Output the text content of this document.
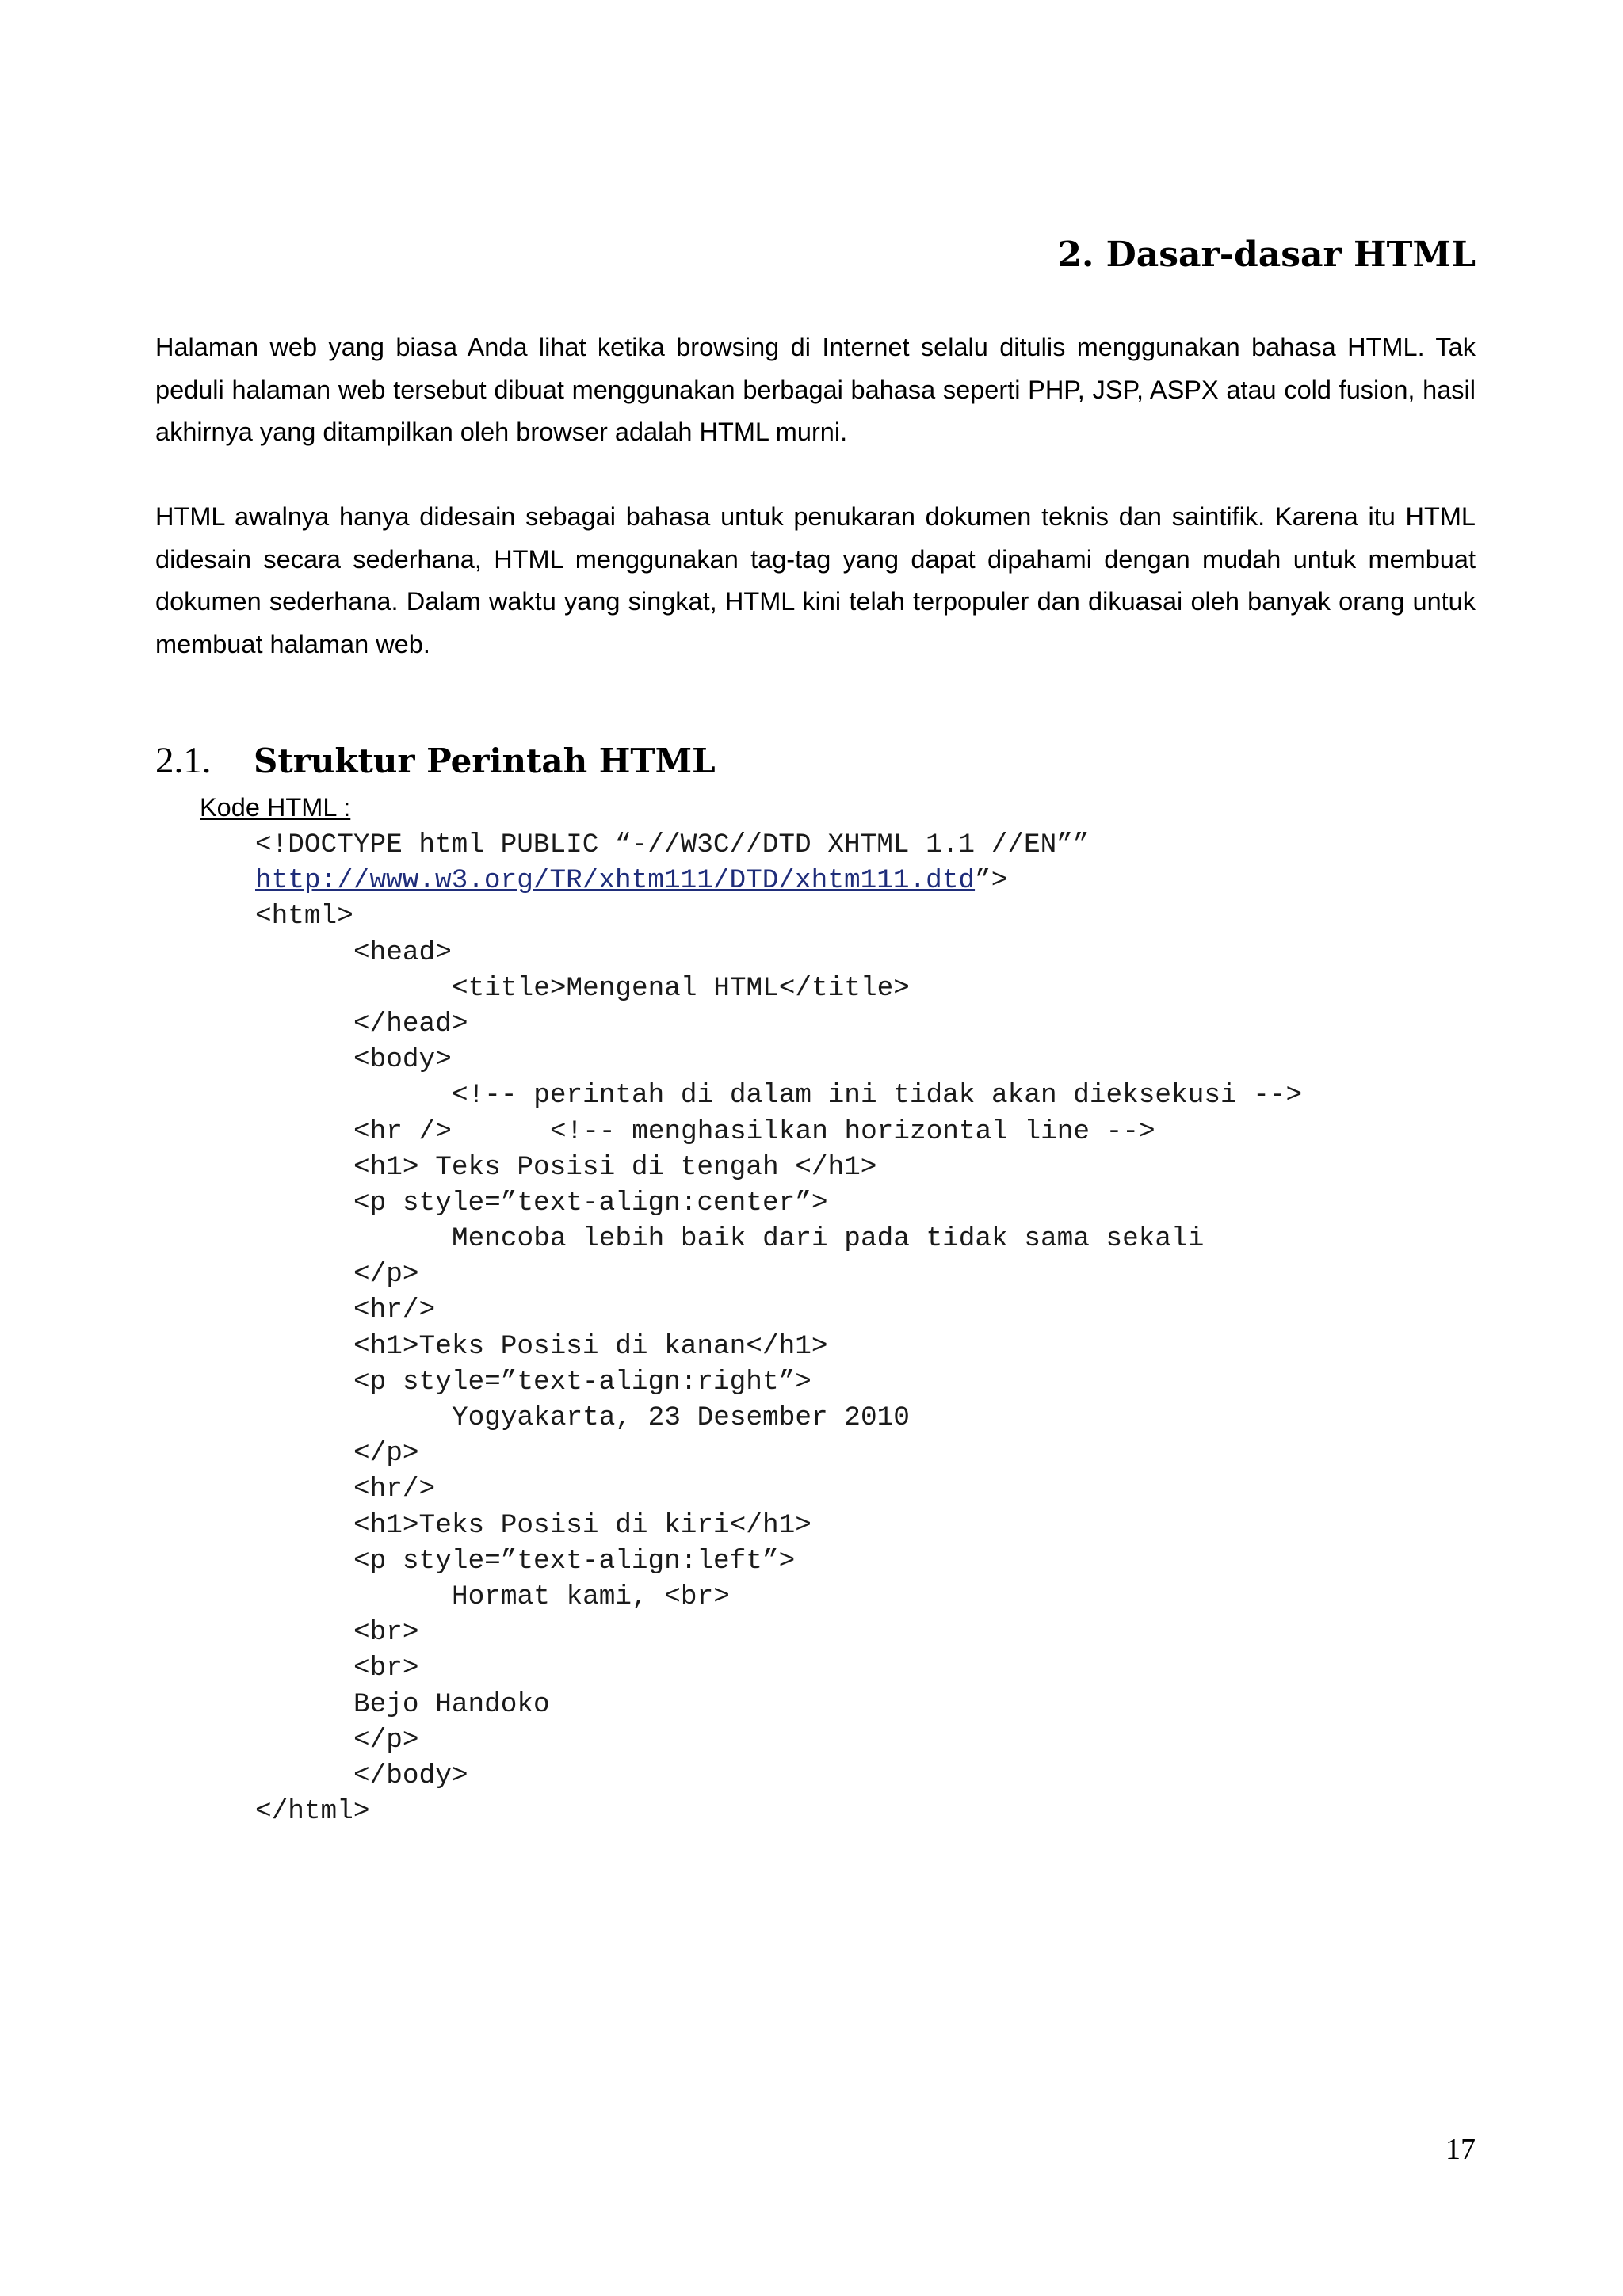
2. Dasar-dasar HTML

Halaman web yang biasa Anda lihat ketika browsing di Internet selalu ditulis menggunakan bahasa HTML. Tak peduli halaman web tersebut dibuat menggunakan berbagai bahasa seperti PHP, JSP, ASPX atau cold fusion, hasil akhirnya yang ditampilkan oleh browser adalah HTML murni.

HTML awalnya hanya didesain sebagai bahasa untuk penukaran dokumen teknis dan saintifik. Karena itu HTML didesain secara sederhana, HTML menggunakan tag-tag yang dapat dipahami dengan mudah untuk membuat dokumen sederhana. Dalam waktu yang singkat, HTML kini telah terpopuler dan dikuasai oleh banyak orang untuk membuat halaman web.

2.1. Struktur Perintah HTML
Kode HTML :
<!DOCTYPE html PUBLIC “-//W3C//DTD XHTML 1.1 //EN””
http://www.w3.org/TR/xhtm111/DTD/xhtm111.dtd”>
<html>
<head>
<title>Mengenal HTML</title>
</head>
<body>
<!-- perintah di dalam ini tidak akan dieksekusi -->
<hr />	<!-- menghasilkan horizontal line -->
<h1> Teks Posisi di tengah </h1>
<p style=”text-align:center”>
Mencoba lebih baik dari pada tidak sama sekali
</p>
<hr/>
<h1>Teks Posisi di kanan</h1>
<p style=”text-align:right”>
Yogyakarta, 23 Desember 2010
</p>
<hr/>
<h1>Teks Posisi di kiri</h1>
<p style=”text-align:left”>
Hormat kami, <br>
<br>
<br>
Bejo Handoko
</p>
</body>
</html>
17
